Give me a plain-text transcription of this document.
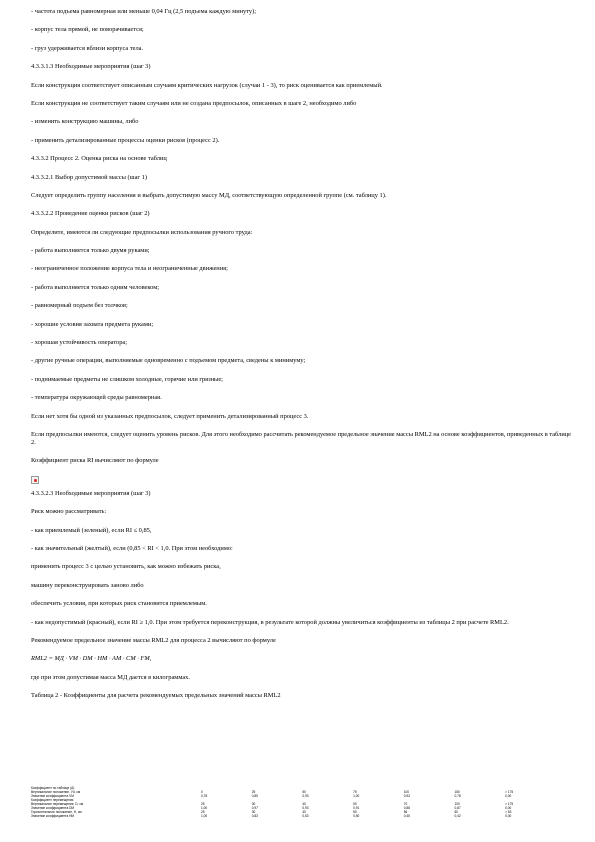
- частота подъема равномерная или меньше 0,04 Гц (2,5 подъема каждую минуту);

- корпус тела прямой, не поворачивается;

- груз удерживается вблизи корпуса тела.

4.3.3.1.3 Необходимые мероприятия (шаг 3)

Если конструкция соответствует описанным случаям критических нагрузок (случаи 1 - 3), то риск оценивается как приемлемый.

Если конструкция не соответствует таким случаям или не создана предпосылок, описанных в шаге 2, необходимо либо

- изменить конструкцию машины, либо

- применить детализированные процессы оценки рисков (процесс 2).

4.3.3.2 Процесс 2. Оценка риска на основе таблиц

4.3.3.2.1 Выбор допустимой массы (шаг 1)

Следует определить группу населения и выбрать допустимую массу МД, соответствующую определенной группе (см. таблицу 1).

4.3.3.2.2 Проведение оценки рисков (шаг 2)

Определите, имеются ли следующие предпосылки использования ручного труда:

- работа выполняется только двумя руками;

- неограниченное положение корпуса тела и неограниченные движения;

- работа выполняется только одним человеком;

- равномерный подъем без толчков;

- хорошие условия захвата предмета руками;

- хорошая устойчивость оператора;

- другие ручные операции, выполняемые одновременно с подъемом предмета, сведены к минимуму;

- поднимаемые предметы не слишком холодные, горячие или грязные;

- температура окружающей среды равномерная.

Если нет хотя бы одной из указанных предпосылок, следует применить детализированный процесс 3.

Если предпосылки имеются, следует оценить уровень рисков. Для этого необходимо рассчитать рекомендуемое предельное значение массы RML2 на основе коэффициентов, приведенных в таблице 2.

Коэффициент риска RI вычисляют по формуле

4.3.3.2.3 Необходимые мероприятия (шаг 3)

Риск можно рассматривать:

- как приемлемый (зеленый), если RI ≤ 0,85,

- как значительный (желтый), если (0,85 < RI < 1,0. При этом необходимо:

применить процесс 3 с целью установить, как можно избежать риска,

машину переконструировать заново либо

обеспечить условия, при которых риск становится приемлемым.

- как недопустимый (красный), если RI ≥ 1,0. При этом требуется переконструкция, в результате которой должны увеличиться коэффициенты из таблицы 2 при расчете RML2.

Рекомендуемое предельное значение массы RML2 для процесса 2 вычисляют по формуле

RML2 = МД · VM · DM · HM · AM · CM · FM,

где при этом допустимая масса МД дается в килограммах.

Таблица 2 - Коэффициенты для расчета рекомендуемых предельных значений массы RML2

Коэффициент по таблице (A)							
Вертикальное положение, Уd, см	0	25	50	75	100	150	> 175
Значение коэффициента VM	0,78	0,85	0,93	1,00	0,93	0,78	0,00
Коэффициент перемещения							
Вертикальное перемещение, D, см	25	30	40	50	70	100	> 175
Значение коэффициента DM	1,00	0,97	0,93	0,91	0,88	0,87	0,00
Горизонтальное положение, H, см	25	30	40	50	56	60	> 63
Значение коэффициента HM	1,00	0,83	0,63	0,50	0,45	0,42	0,00
